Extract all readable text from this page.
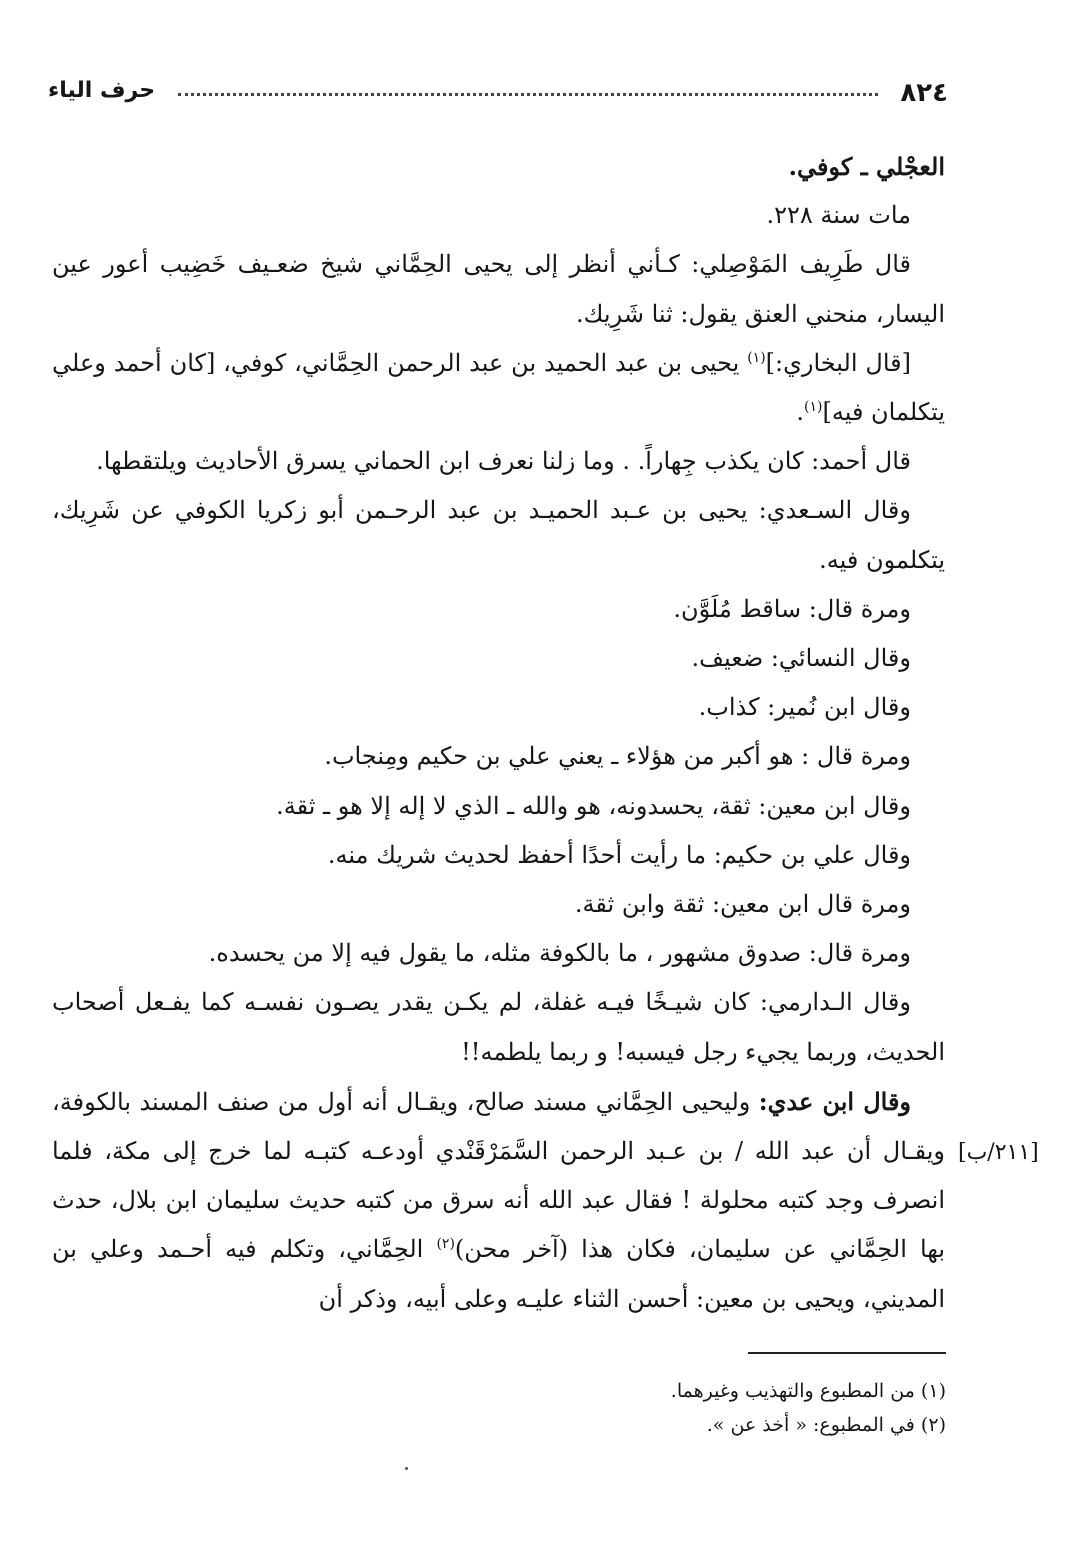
٨٢٤
حرف الياء

العجْلي ـ كوفي.

مات سنة ٢٢٨.

قال طَرِيف المَوْصِلي: كـأني أنظر إلى يحيى الحِمَّاني شيخ ضعـيف خَضِيب أعور عين اليسار، منحني العنق يقول: ثنا شَرِيك.

[قال البخاري:]$^{(١)}$ يحيى بن عبد الحميد بن عبد الرحمن الحِمَّاني، كوفي، [كان أحمد وعلي يتكلمان فيه]$^{(١)}$.

قال أحمد: كان يكذب جِهاراً. . وما زلنا نعرف ابن الحماني يسرق الأحاديث ويلتقطها.

وقال السـعدي: يحيى بن عـبد الحميـد بن عبد الرحـمن أبو زكريا الكوفي عن شَرِيك، يتكلمون فيه.

ومرة قال: ساقط مُلَوَّن.

وقال النسائي: ضعيف.

وقال ابن نُمير: كذاب.

ومرة قال : هو أكبر من هؤلاء ـ يعني علي بن حكيم ومِنجاب.

وقال ابن معين: ثقة، يحسدونه، هو والله ـ الذي لا إله إلا هو ـ ثقة.

وقال علي بن حكيم: ما رأيت أحدًا أحفظ لحديث شريك منه.

ومرة قال ابن معين: ثقة وابن ثقة.

ومرة قال: صدوق مشهور ، ما بالكوفة مثله، ما يقول فيه إلا من يحسده.

وقال الـدارمي: كان شيـخًا فيـه غفلة، لم يكـن يقدر يصـون نفسـه كما يفـعل أصحاب الحديث، وربما يجيء رجل فيسبه! و ربما يلطمه!!

وقال ابن عدي: وليحيى الحِمَّاني مسند صالح، ويقـال أنه أول من صنف المسند بالكوفة، ويقـال أن عبد الله / بن عـبد الرحمن السَّمَرْقَنْدي أودعـه كتبـه لما خرج إلى مكة، فلما انصرف وجد كتبه محلولة ! فقال عبد الله أنه سرق من كتبه حديث سليمان ابن بلال، حدث بها الحِمَّاني عن سليمان، فكان هذا (آخر محن)$^{(٢)}$ الحِمَّاني، وتكلم فيه أحـمد وعلي بن المديني، ويحيى بن معين: أحسن الثناء عليـه وعلى أبيه، وذكر أن

[٢١١/ب]

(١) من المطبوع والتهذيب وغيرهما.

(٢) في المطبوع: « أخذ عن ».
